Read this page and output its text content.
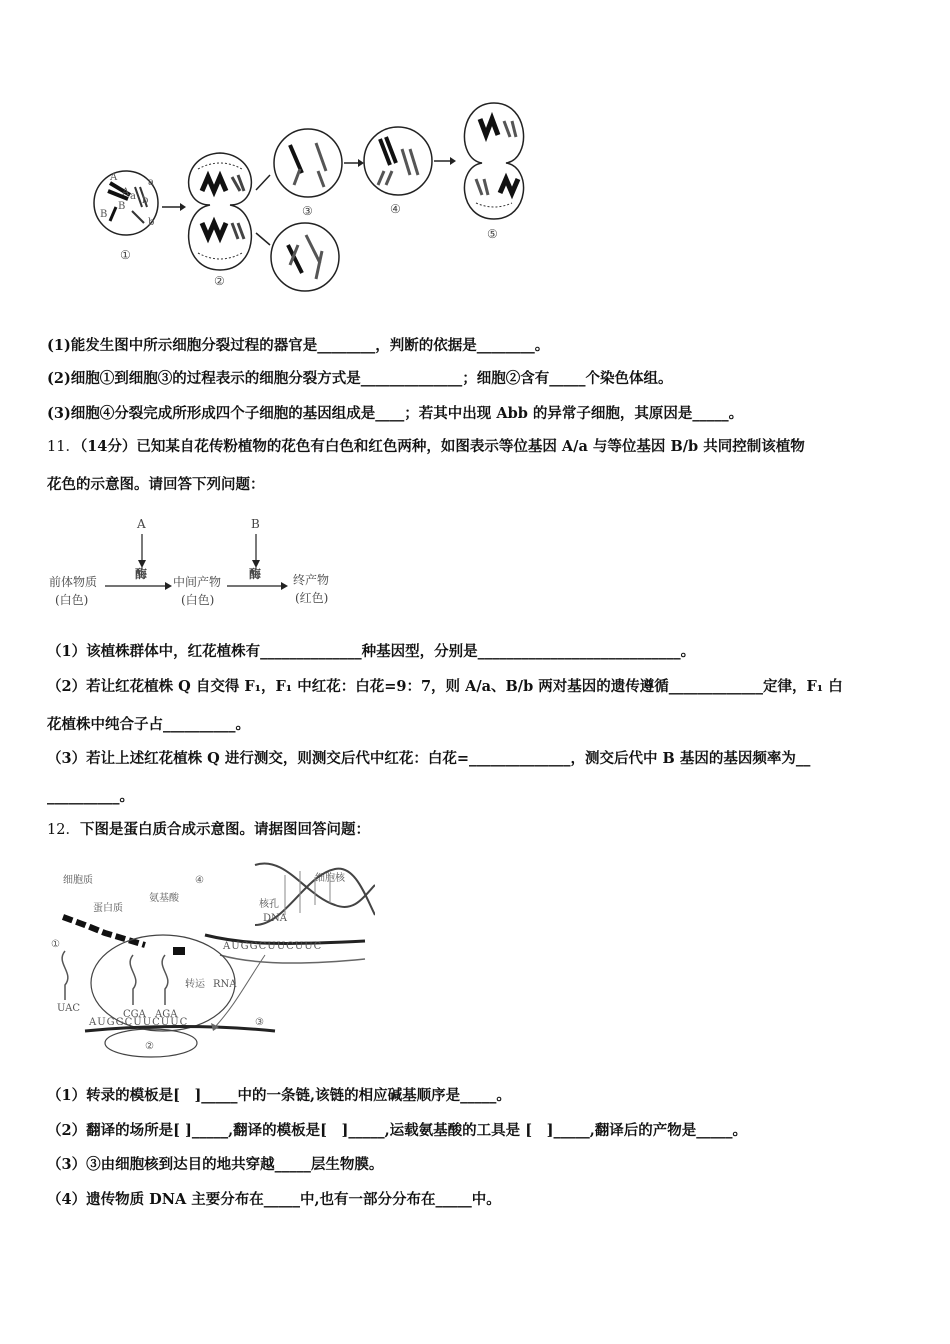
A	a
A a
B
B
b
b
①
②
③	④
⑤
(1)能发生图中所示细胞分裂过程的器官是________，判断的依据是________。
(2)细胞①到细胞③的过程表示的细胞分裂方式是______________；细胞②含有_____个染色体组。
(3)细胞④分裂完成所形成四个子细胞的基因组成是____；若其中出现 Abb 的异常子细胞，其原因是_____。
11．（14分）已知某自花传粉植物的花色有白色和红色两种，如图表示等位基因 A/a 与等位基因 B/b 共同控制该植物
花色的示意图。请回答下列问题：
A	B
前体物质
(白色)
酶
中间产物
(白色)
酶	终产物
(红色)
（1）该植株群体中，红花植株有______________种基因型，分别是____________________________。
（2）若让红花植株 Q 自交得 F₁，F₁ 中红花：白花=9：7，则 A/a、B/b 两对基因的遗传遵循_____________定律，F₁ 白
花植株中纯合子占__________。
（3）若让上述红花植株 Q 进行测交，则测交后代中红花：白花=______________，测交后代中 B 基因的基因频率为__
__________。
12．下图是蛋白质合成示意图。请据图回答问题：
细胞质
蛋白质
氨基酸
④	细胞核
核孔
DNA
AUGGCUUCUUC
①
UAC
CGA AGA
②
转运 RNA
AUGGCUUCUUC	③
（1）转录的模板是[　]_____中的一条链,该链的相应碱基顺序是_____。
（2）翻译的场所是[ ]_____,翻译的模板是[　]_____,运载氨基酸的工具是 [　]_____,翻译后的产物是_____。
（3）③由细胞核到达目的地共穿越_____层生物膜。
（4）遗传物质 DNA 主要分布在_____中,也有一部分分布在_____中。
